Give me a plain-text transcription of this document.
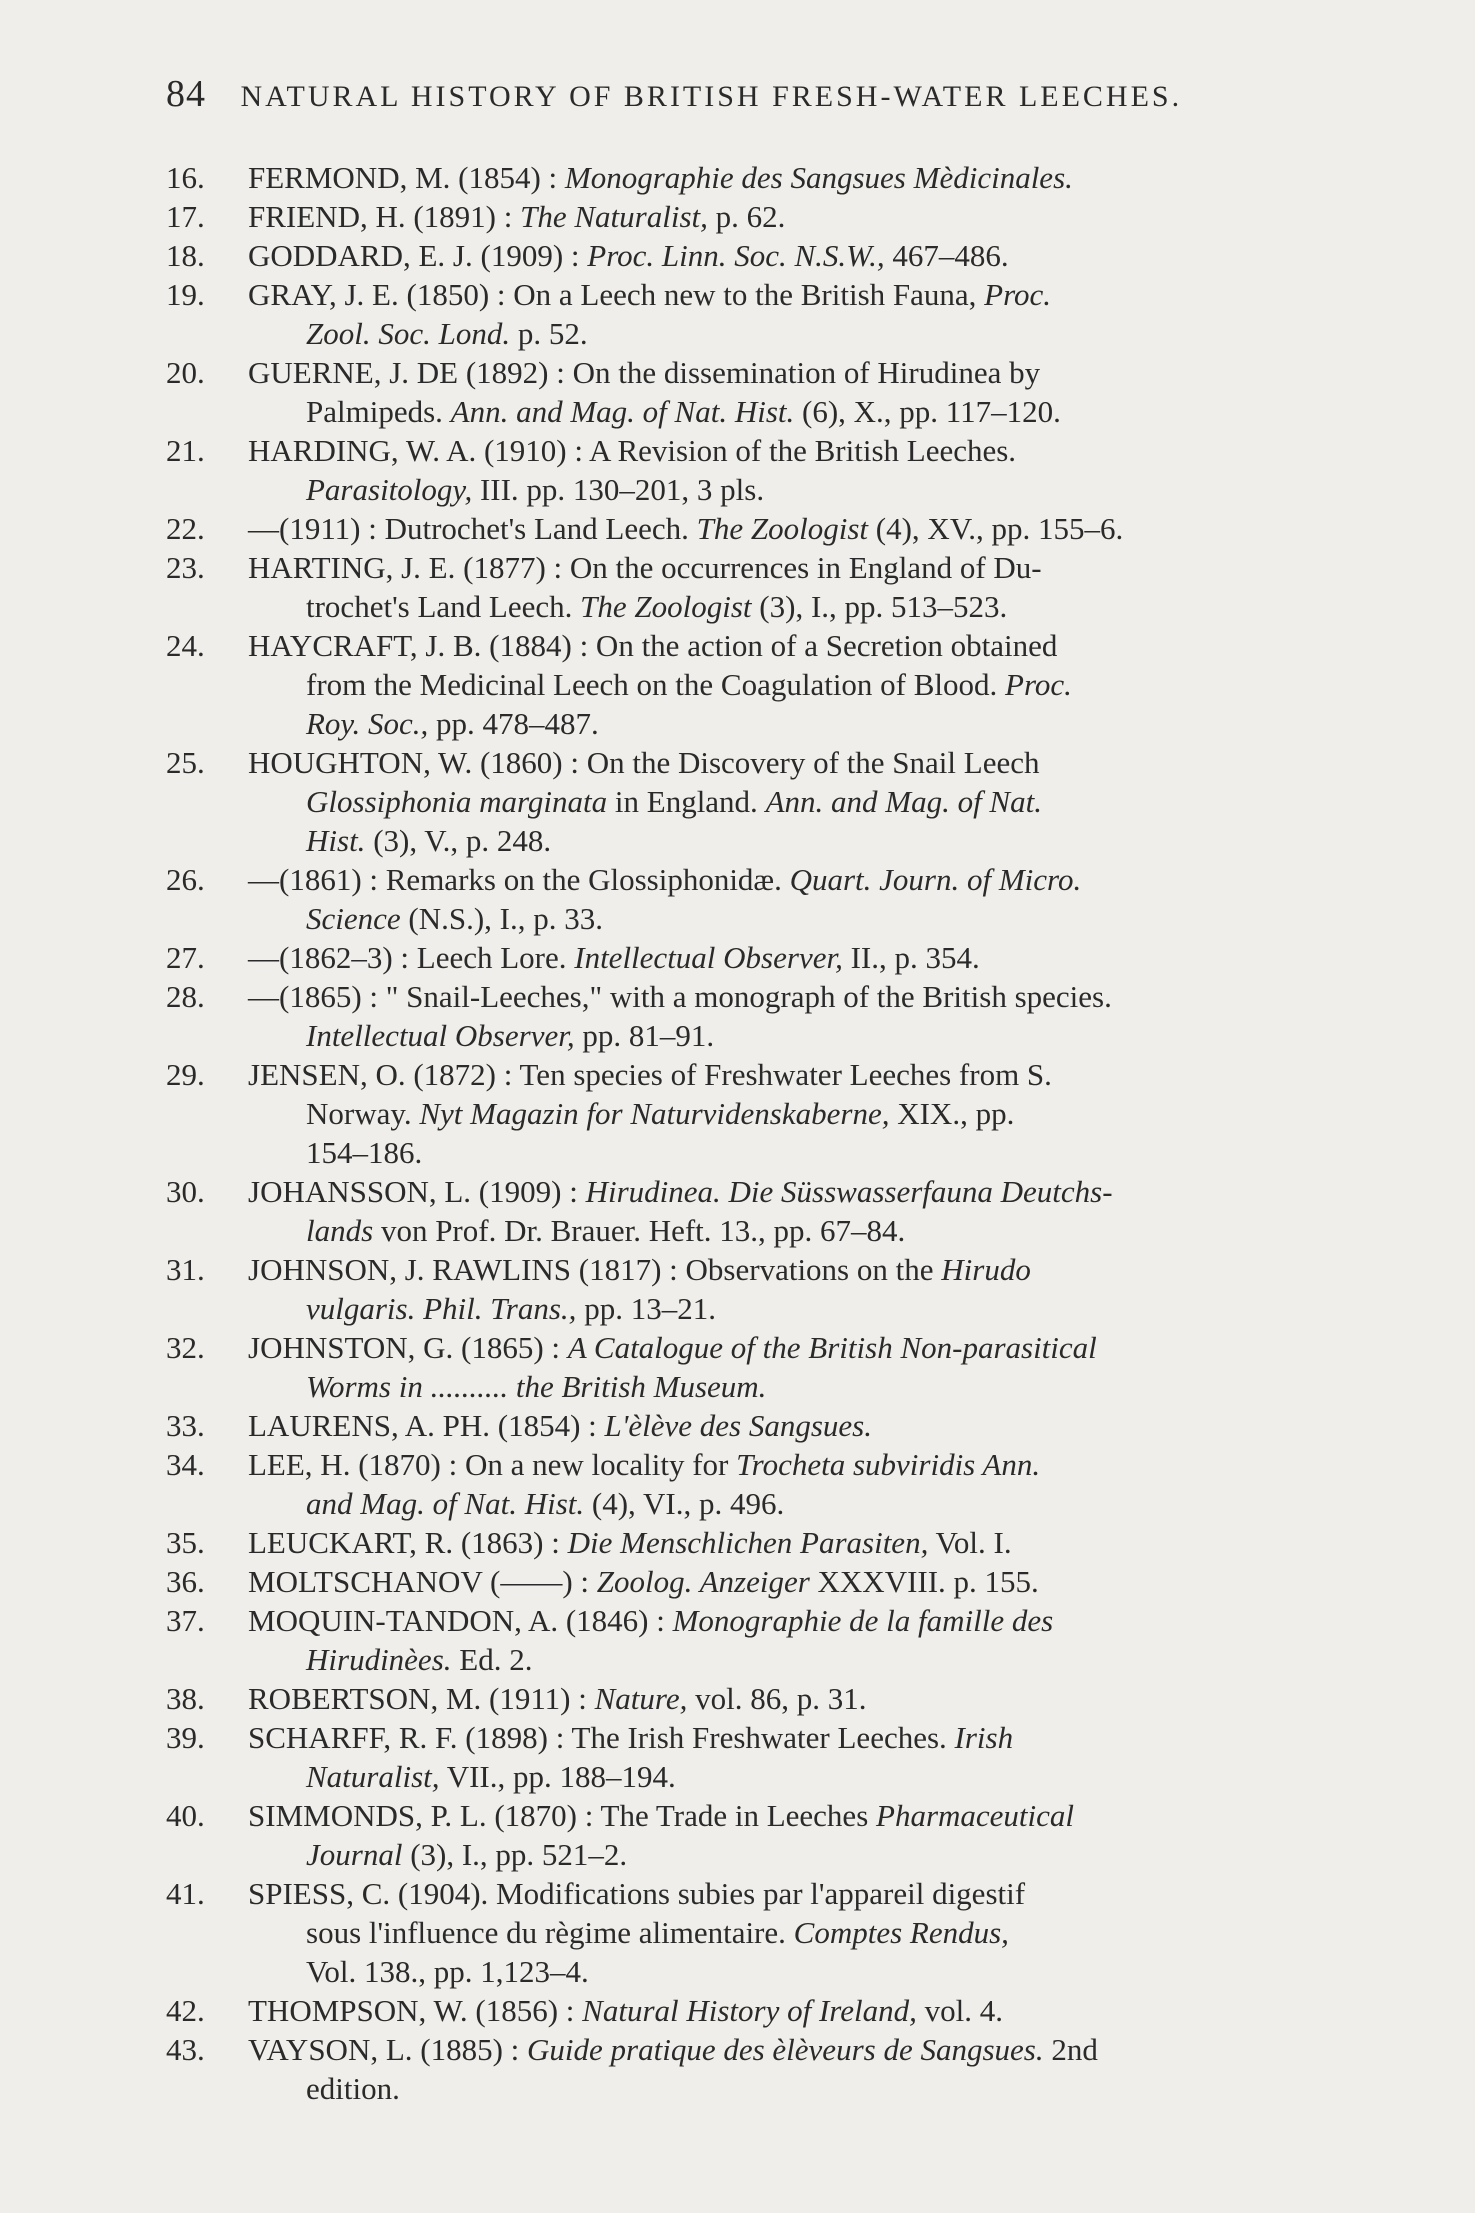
84 NATURAL HISTORY OF BRITISH FRESH-WATER LEECHES.
16.	FERMOND, M. (1854) : Monographie des Sangsues Mèdicinales.
17.	FRIEND, H. (1891) : The Naturalist, p. 62.
18.	GODDARD, E. J. (1909) : Proc. Linn. Soc. N.S.W., 467–486.
19.	GRAY, J. E. (1850) : On a Leech new to the British Fauna, Proc.
Zool. Soc. Lond. p. 52.
20.	GUERNE, J. DE (1892) : On the dissemination of Hirudinea by
Palmipeds. Ann. and Mag. of Nat. Hist. (6), X., pp. 117–120.
21.	HARDING, W. A. (1910) : A Revision of the British Leeches.
Parasitology, III. pp. 130–201, 3 pls.
22.	—(1911) : Dutrochet's Land Leech. The Zoologist (4), XV., pp. 155–6.
23.	HARTING, J. E. (1877) : On the occurrences in England of Du-
trochet's Land Leech. The Zoologist (3), I., pp. 513–523.
24.	HAYCRAFT, J. B. (1884) : On the action of a Secretion obtained
from the Medicinal Leech on the Coagulation of Blood. Proc.
Roy. Soc., pp. 478–487.
25.	HOUGHTON, W. (1860) : On the Discovery of the Snail Leech
Glossiphonia marginata in England. Ann. and Mag. of Nat.
Hist. (3), V., p. 248.
26.	—(1861) : Remarks on the Glossiphonidæ. Quart. Journ. of Micro.
Science (N.S.), I., p. 33.
27.	—(1862–3) : Leech Lore. Intellectual Observer, II., p. 354.
28.	—(1865) : " Snail-Leeches," with a monograph of the British species.
Intellectual Observer, pp. 81–91.
29.	JENSEN, O. (1872) : Ten species of Freshwater Leeches from S.
Norway. Nyt Magazin for Naturvidenskaberne, XIX., pp.
154–186.
30.	JOHANSSON, L. (1909) : Hirudinea. Die Süsswasserfauna Deutchs-
lands von Prof. Dr. Brauer. Heft. 13., pp. 67–84.
31.	JOHNSON, J. RAWLINS (1817) : Observations on the Hirudo
vulgaris. Phil. Trans., pp. 13–21.
32.	JOHNSTON, G. (1865) : A Catalogue of the British Non-parasitical
Worms in .......... the British Museum.
33.	LAURENS, A. PH. (1854) : L'èlève des Sangsues.
34.	LEE, H. (1870) : On a new locality for Trocheta subviridis Ann.
and Mag. of Nat. Hist. (4), VI., p. 496.
35.	LEUCKART, R. (1863) : Die Menschlichen Parasiten, Vol. I.
36.	MOLTSCHANOV (——) : Zoolog. Anzeiger XXXVIII. p. 155.
37.	MOQUIN-TANDON, A. (1846) : Monographie de la famille des
Hirudinèes. Ed. 2.
38.	ROBERTSON, M. (1911) : Nature, vol. 86, p. 31.
39.	SCHARFF, R. F. (1898) : The Irish Freshwater Leeches. Irish
Naturalist, VII., pp. 188–194.
40.	SIMMONDS, P. L. (1870) : The Trade in Leeches Pharmaceutical
Journal (3), I., pp. 521–2.
41.	SPIESS, C. (1904). Modifications subies par l'appareil digestif
sous l'influence du règime alimentaire. Comptes Rendus,
Vol. 138., pp. 1,123–4.
42.	THOMPSON, W. (1856) : Natural History of Ireland, vol. 4.
43.	VAYSON, L. (1885) : Guide pratique des èlèveurs de Sangsues. 2nd
edition.
